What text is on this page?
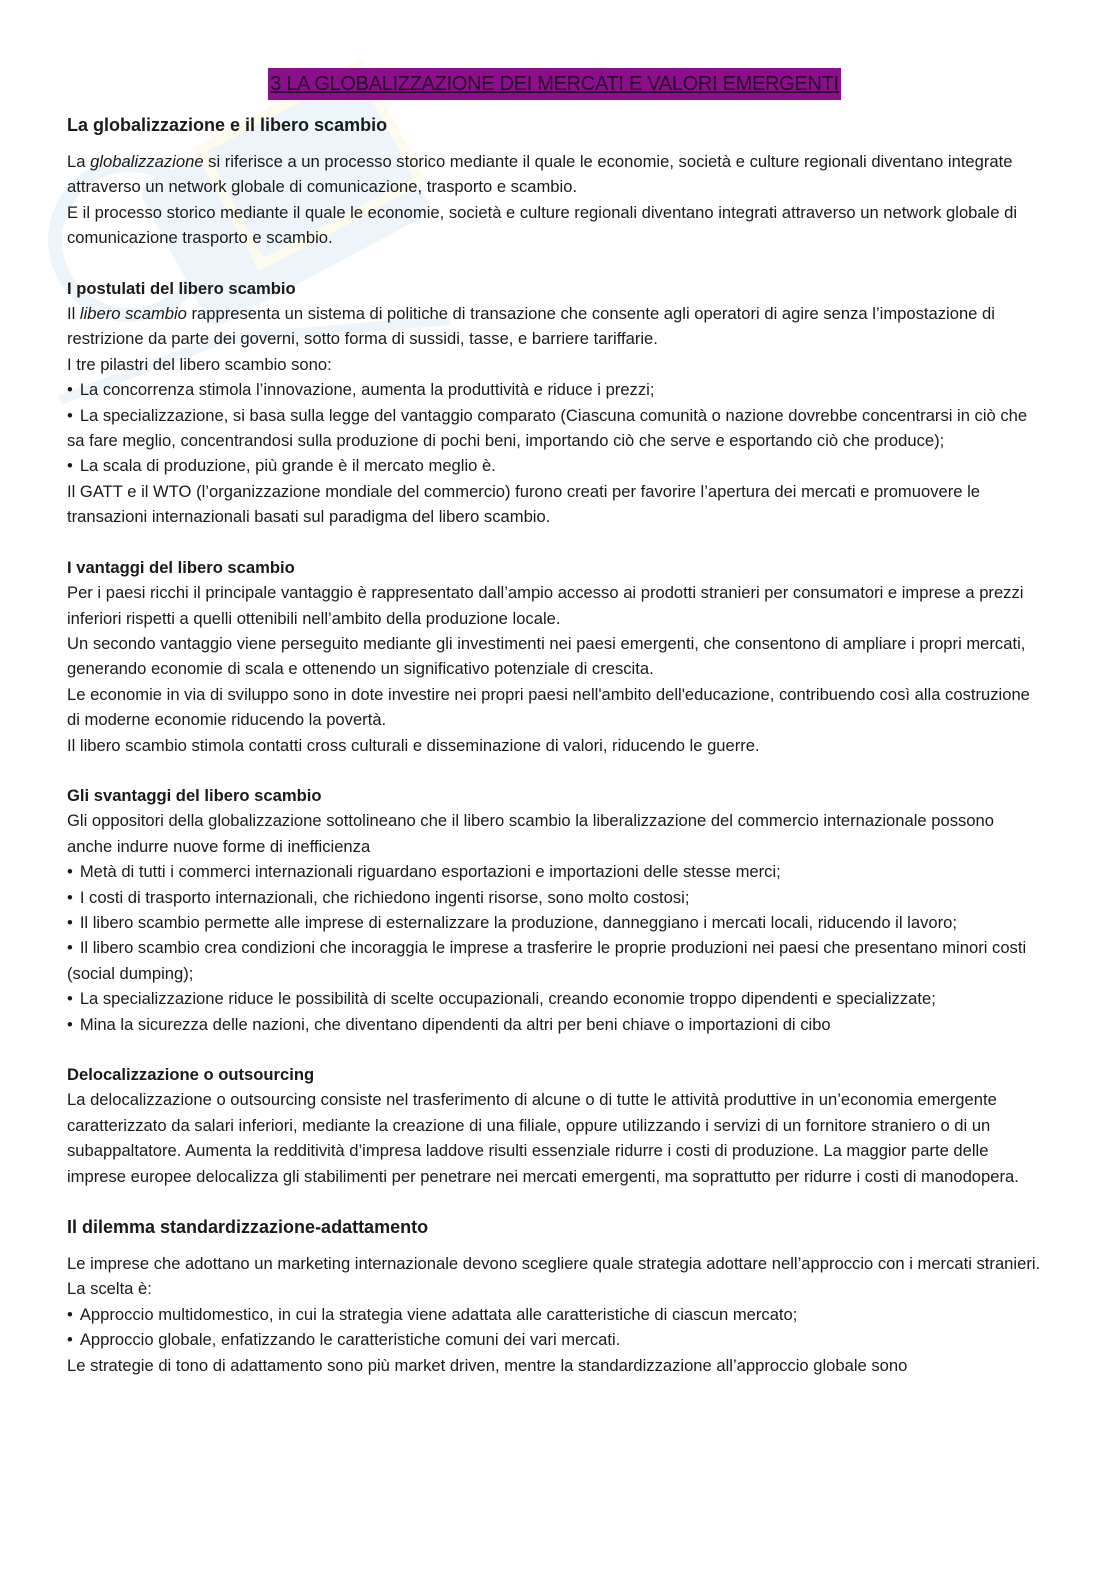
3 LA GLOBALIZZAZIONE DEI MERCATI E VALORI EMERGENTI
La globalizzazione e il libero scambio

La globalizzazione si riferisce a un processo storico mediante il quale le economie, società e culture regionali diventano integrate attraverso un network globale di comunicazione, trasporto e scambio.

E il processo storico mediante il quale le economie, società e culture regionali diventano integrati attraverso un network globale di comunicazione trasporto e scambio.

I postulati del libero scambio

Il libero scambio rappresenta un sistema di politiche di transazione che consente agli operatori di agire senza l’impostazione di restrizione da parte dei governi, sotto forma di sussidi, tasse, e barriere tariffarie.

I tre pilastri del libero scambio sono:

• La concorrenza stimola l’innovazione, aumenta la produttività e riduce i prezzi;

• La specializzazione, si basa sulla legge del vantaggio comparato (Ciascuna comunità o nazione dovrebbe concentrarsi in ciò che sa fare meglio, concentrandosi sulla produzione di pochi beni, importando ciò che serve e esportando ciò che produce);

• La scala di produzione, più grande è il mercato meglio è.

Il GATT e il WTO (l’organizzazione mondiale del commercio) furono creati per favorire l’apertura dei mercati e promuovere le transazioni internazionali basati sul paradigma del libero scambio.

I vantaggi del libero scambio

Per i paesi ricchi il principale vantaggio è rappresentato dall’ampio accesso ai prodotti stranieri per consumatori e imprese a prezzi inferiori rispetti a quelli ottenibili nell’ambito della produzione locale.

Un secondo vantaggio viene perseguito mediante gli investimenti nei paesi emergenti, che consentono di ampliare i propri mercati, generando economie di scala e ottenendo un significativo potenziale di crescita.

Le economie in via di sviluppo sono in dote investire nei propri paesi nell'ambito dell'educazione, contribuendo così alla costruzione di moderne economie riducendo la povertà.

Il libero scambio stimola contatti cross culturali e disseminazione di valori, riducendo le guerre.

Gli svantaggi del libero scambio

Gli oppositori della globalizzazione sottolineano che il libero scambio la liberalizzazione del commercio internazionale possono anche indurre nuove forme di inefficienza

• Metà di tutti i commerci internazionali riguardano esportazioni e importazioni delle stesse merci;

• I costi di trasporto internazionali, che richiedono ingenti risorse, sono molto costosi;

• Il libero scambio permette alle imprese di esternalizzare la produzione, danneggiano i mercati locali, riducendo il lavoro;

• Il libero scambio crea condizioni che incoraggia le imprese a trasferire le proprie produzioni nei paesi che presentano minori costi (social dumping);

• La specializzazione riduce le possibilità di scelte occupazionali, creando economie troppo dipendenti e specializzate;

• Mina la sicurezza delle nazioni, che diventano dipendenti da altri per beni chiave o importazioni di cibo

Delocalizzazione o outsourcing

La delocalizzazione o outsourcing consiste nel trasferimento di alcune o di tutte le attività produttive in un’economia emergente caratterizzato da salari inferiori, mediante la creazione di una filiale, oppure utilizzando i servizi di un fornitore straniero o di un subappaltatore. Aumenta la redditività d’impresa laddove risulti essenziale ridurre i costi di produzione. La maggior parte delle imprese europee delocalizza gli stabilimenti per penetrare nei mercati emergenti, ma soprattutto per ridurre i costi di manodopera.

Il dilemma standardizzazione-adattamento

Le imprese che adottano un marketing internazionale devono scegliere quale strategia adottare nell’approccio con i mercati stranieri. La scelta è:

• Approccio multidomestico, in cui la strategia viene adattata alle caratteristiche di ciascun mercato;

• Approccio globale, enfatizzando le caratteristiche comuni dei vari mercati.

Le strategie di tono di adattamento sono più market driven, mentre la standardizzazione all’approccio globale sono
